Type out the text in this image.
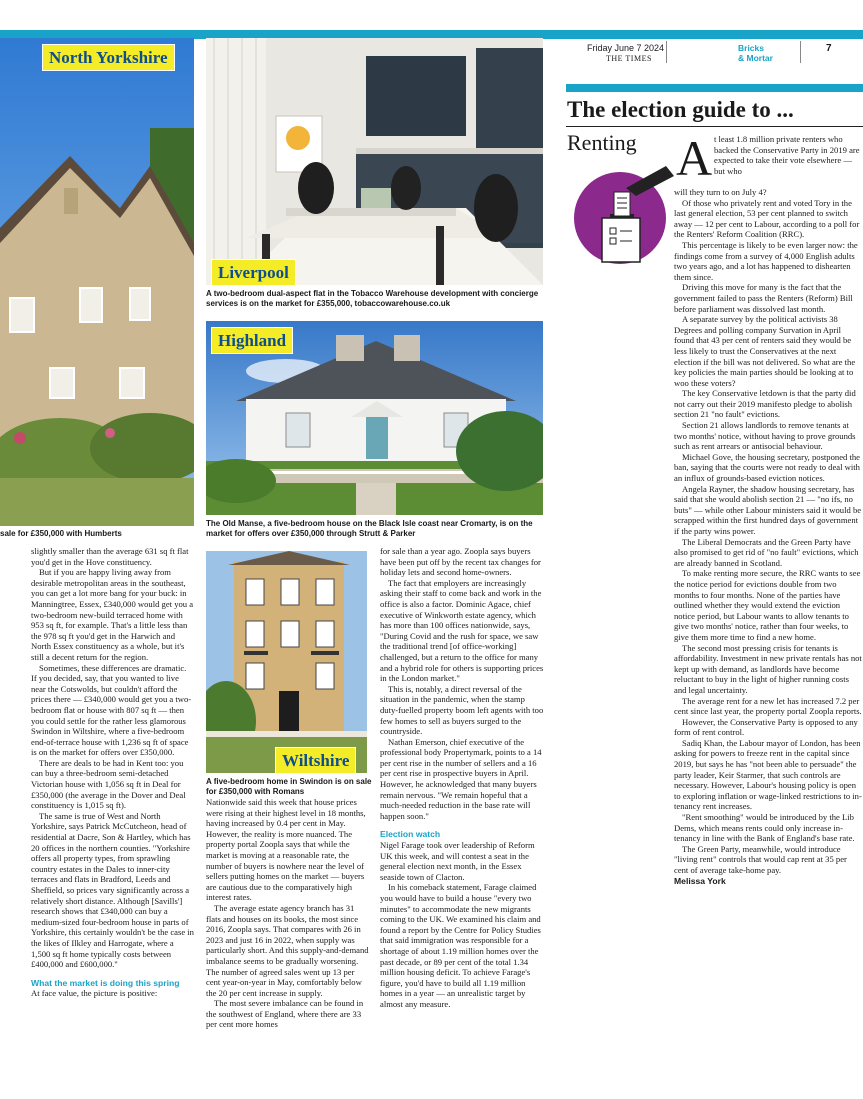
Friday June 7 2024
THE TIMES
Bricks
& Mortar
7
North Yorkshire
sale for £350,000 with Humberts
Liverpool
A two-bedroom dual-aspect flat in the Tobacco Warehouse development with concierge services is on the market for £355,000, tobaccowarehouse.co.uk
Highland
The Old Manse, a five-bedroom house on the Black Isle coast near Cromarty, is on the market for offers over £350,000 through Strutt & Parker
Wiltshire
A five-bedroom home in Swindon is on sale for £350,000 with Romans

slightly smaller than the average 631 sq ft flat you'd get in the Hove constituency.

But if you are happy living away from desirable metropolitan areas in the southeast, you can get a lot more bang for your buck: in Manningtree, Essex, £340,000 would get you a two-bedroom new-build terraced home with 953 sq ft, for example. That's a little less than the 978 sq ft you'd get in the Harwich and North Essex constituency as a whole, but it's still a decent return for the region.

Sometimes, these differences are dramatic. If you decided, say, that you wanted to live near the Cotswolds, but couldn't afford the prices there — £340,000 would get you a two-bedroom flat or house with 807 sq ft — then you could settle for the rather less glamorous Swindon in Wiltshire, where a five-bedroom end-of-terrace house with 1,236 sq ft of space is on the market for offers over £350,000.

There are deals to be had in Kent too: you can buy a three-bedroom semi-detached Victorian house with 1,056 sq ft in Deal for £350,000 (the average in the Dover and Deal constituency is 1,015 sq ft).

The same is true of West and North Yorkshire, says Patrick McCutcheon, head of residential at Dacre, Son & Hartley, which has 20 offices in the northern counties. "Yorkshire offers all property types, from sprawling country estates in the Dales to inner-city terraces and flats in Bradford, Leeds and Sheffield, so prices vary significantly across a relatively short distance. Although [Savills'] research shows that £340,000 can buy a medium-sized four-bedroom house in parts of Yorkshire, this certainly wouldn't be the case in the likes of Ilkley and Harrogate, where a 1,500 sq ft home typically costs between £400,000 and £600,000."

What the market is doing this spring

At face value, the picture is positive:

Nationwide said this week that house prices were rising at their highest level in 18 months, having increased by 0.4 per cent in May. However, the reality is more nuanced. The property portal Zoopla says that while the market is moving at a reasonable rate, the number of buyers is nowhere near the level of sellers putting homes on the market — buyers are cautious due to the comparatively high interest rates.

The average estate agency branch has 31 flats and houses on its books, the most since 2016, Zoopla says. That compares with 26 in 2023 and just 16 in 2022, when supply was particularly short. And this supply-and-demand imbalance seems to be gradually worsening. The number of agreed sales went up 13 per cent year-on-year in May, comfortably below the 20 per cent increase in supply.

The most severe imbalance can be found in the southwest of England, where there are 33 per cent more homes

for sale than a year ago. Zoopla says buyers have been put off by the recent tax changes for holiday lets and second home-owners.

The fact that employers are increasingly asking their staff to come back and work in the office is also a factor. Dominic Agace, chief executive of Winkworth estate agency, which has more than 100 offices nationwide, says, "During Covid and the rush for space, we saw the traditional trend [of office-working] challenged, but a return to the office for many and a hybrid role for others is supporting prices in the London market."

This is, notably, a direct reversal of the situation in the pandemic, when the stamp duty-fuelled property boom left agents with too few homes to sell as buyers surged to the countryside.

Nathan Emerson, chief executive of the professional body Propertymark, points to a 14 per cent rise in the number of sellers and a 16 per cent rise in prospective buyers in April. However, he acknowledged that many buyers remain nervous. "We remain hopeful that a much-needed reduction in the base rate will happen soon."

Election watch

Nigel Farage took over leadership of Reform UK this week, and will contest a seat in the general election next month, in the Essex seaside town of Clacton.

In his comeback statement, Farage claimed you would have to build a house "every two minutes" to accommodate the new migrants coming to the UK. We examined his claim and found a report by the Centre for Policy Studies that said immigration was responsible for a shortage of about 1.19 million homes over the past decade, or 89 per cent of the total 1.34 million housing deficit. To achieve Farage's figure, you'd have to build all 1.19 million homes in a year — an unrealistic target by almost any measure.

The election guide to ...
Renting A t least 1.8 million private renters who backed the Conservative Party in 2019 are expected to take their vote elsewhere — but who

will they turn to on July 4?

Of those who privately rent and voted Tory in the last general election, 53 per cent planned to switch away — 12 per cent to Labour, according to a poll for the Renters' Reform Coalition (RRC).

This percentage is likely to be even larger now: the findings come from a survey of 4,000 English adults two years ago, and a lot has happened to dishearten them since.

Driving this move for many is the fact that the government failed to pass the Renters (Reform) Bill before parliament was dissolved last month.

A separate survey by the political activists 38 Degrees and polling company Survation in April found that 43 per cent of renters said they would be less likely to trust the Conservatives at the next election if the bill was not delivered. So what are the key policies the main parties should be looking at to woo these voters?

The key Conservative letdown is that the party did not carry out their 2019 manifesto pledge to abolish section 21 "no fault" evictions.

Section 21 allows landlords to remove tenants at two months' notice, without having to prove grounds such as rent arrears or antisocial behaviour.

Michael Gove, the housing secretary, postponed the ban, saying that the courts were not ready to deal with an influx of grounds-based eviction notices.

Angela Rayner, the shadow housing secretary, has said that she would abolish section 21 — "no ifs, no buts" — while other Labour ministers said it would be scrapped within the first hundred days of government if the party wins power.

The Liberal Democrats and the Green Party have also promised to get rid of "no fault" evictions, which are already banned in Scotland.

To make renting more secure, the RRC wants to see the notice period for evictions double from two months to four months. None of the parties have outlined whether they would extend the eviction notice period, but Labour wants to allow tenants to give two months' notice, rather than four weeks, to give them more time to find a new home.

The second most pressing crisis for tenants is affordability. Investment in new private rentals has not kept up with demand, as landlords have become reluctant to buy in the light of higher running costs and legal uncertainty.

The average rent for a new let has increased 7.2 per cent since last year, the property portal Zoopla reports.

However, the Conservative Party is opposed to any form of rent control.

Sadiq Khan, the Labour mayor of London, has been asking for powers to freeze rent in the capital since 2019, but says he has "not been able to persuade" the party leader, Keir Starmer, that such controls are necessary. However, Labour's housing policy is open to exploring inflation or wage-linked restrictions to in-tenancy rent increases.

"Rent smoothing" would be introduced by the Lib Dems, which means rents could only increase in-tenancy in line with the Bank of England's base rate.

The Green Party, meanwhile, would introduce "living rent" controls that would cap rent at 35 per cent of average take-home pay.

Melissa York
